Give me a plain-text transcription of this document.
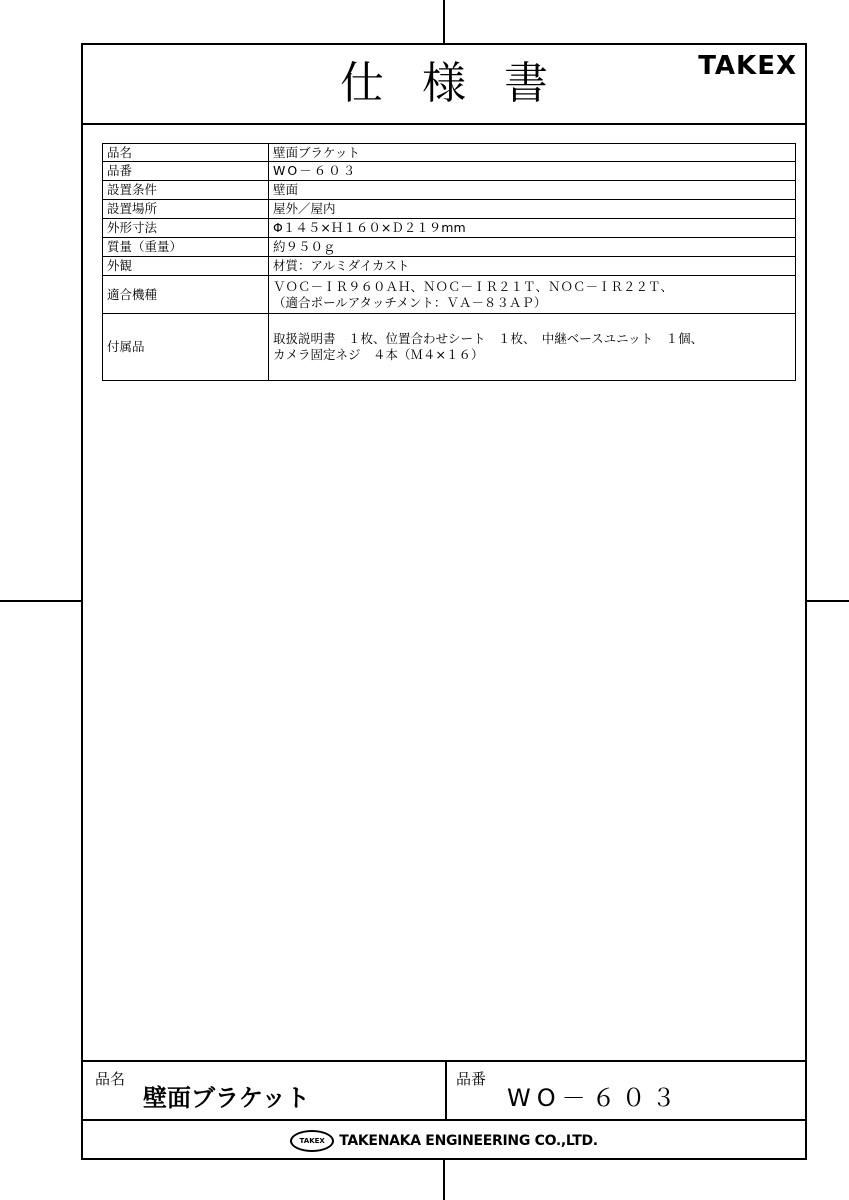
仕 様 書	TAKEX
品名	壁面ブラケット
品番	WO－６０３
設置条件	壁面
設置場所	屋外／屋内
外形寸法	Φ１４５×Ｈ１６０×Ｄ２１９mm
質量（重量）	約９５０ｇ
外観	材質：アルミダイカスト
適合機種	ＶＯＣ－ＩＲ９６０ＡＨ、ＮＯＣ－ＩＲ２１Ｔ、ＮＯＣ－ＩＲ２２Ｔ、
（適合ポールアタッチメント：ＶＡ－８３ＡＰ）
付属品	取扱説明書　１枚、位置合わせシート　１枚、　中継ベースユニット　１個、
カメラ固定ネジ　４本（Ｍ４×１６）
品名
壁面ブラケット
品番
WO－６０３
TAKEX	TAKENAKA ENGINEERING CO.,LTD.
